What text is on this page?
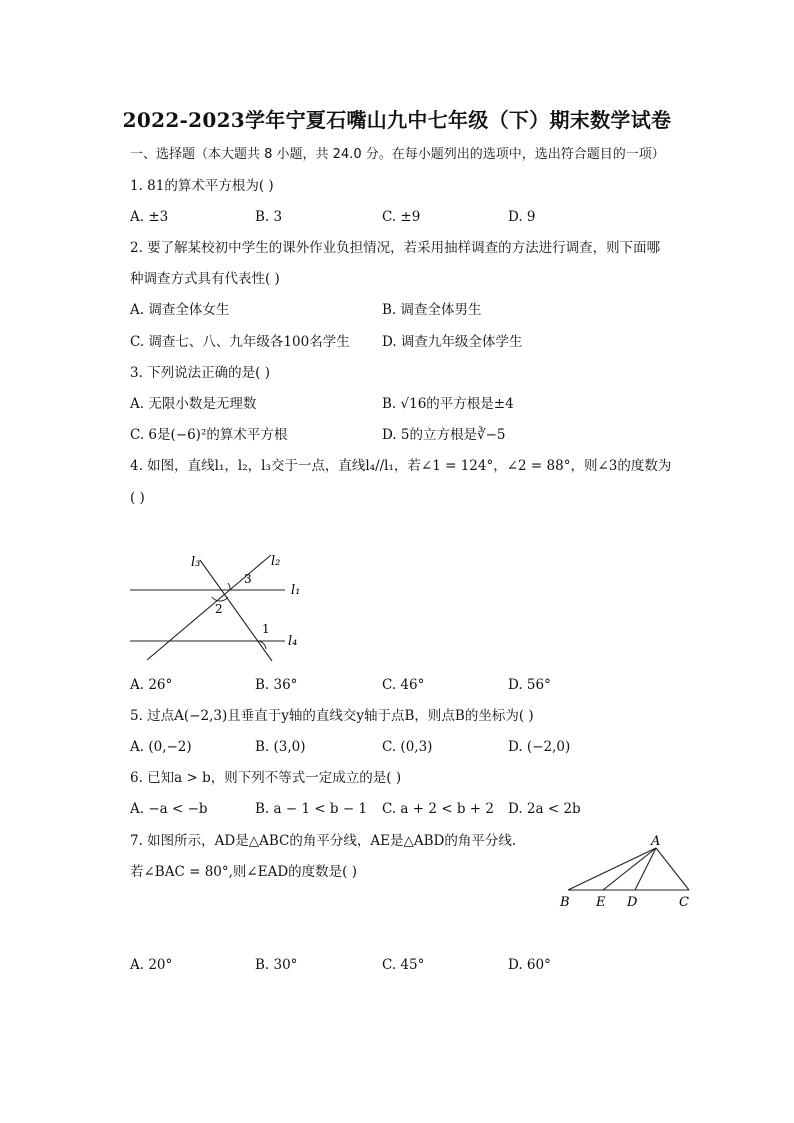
2022-2023学年宁夏石嘴山九中七年级（下）期末数学试卷
一、选择题（本大题共 8 小题，共 24.0 分。在每小题列出的选项中，选出符合题目的一项）
1. 81的算术平方根为( )
A. ±3	B. 3	C. ±9	D. 9
2. 要了解某校初中学生的课外作业负担情况，若采用抽样调查的方法进行调查，则下面哪
种调查方式具有代表性( )
A. 调查全体女生	B. 调查全体男生
C. 调查七、八、九年级各100名学生 D. 调查九年级全体学生
3. 下列说法正确的是( )
A. 无限小数是无理数	B. √16的平方根是±4
C. 6是(−6)²的算术平方根	D. 5的立方根是∛−5
4. 如图，直线l₁，l₂，l₃交于一点，直线l₄//l₁，若∠1 = 124°，∠2 = 88°，则∠3的度数为
( )
l₃	l₂
l₁
l₄
3
2
1
A. 26°	B. 36°	C. 46°	D. 56°
5. 过点A(−2,3)且垂直于y轴的直线交y轴于点B，则点B的坐标为( )
A. (0,−2)	B. (3,0)	C. (0,3)	D. (−2,0)
6. 已知a > b，则下列不等式一定成立的是( )
A. −a < −b	B. a − 1 < b − 1 C. a + 2 < b + 2 D. 2a < 2b
7. 如图所示，AD是△ABC的角平分线，AE是△ABD的角平分线.
若∠BAC = 80°,则∠EAD的度数是( )
A
B E D	C
A. 20°	B. 30°	C. 45°	D. 60°
